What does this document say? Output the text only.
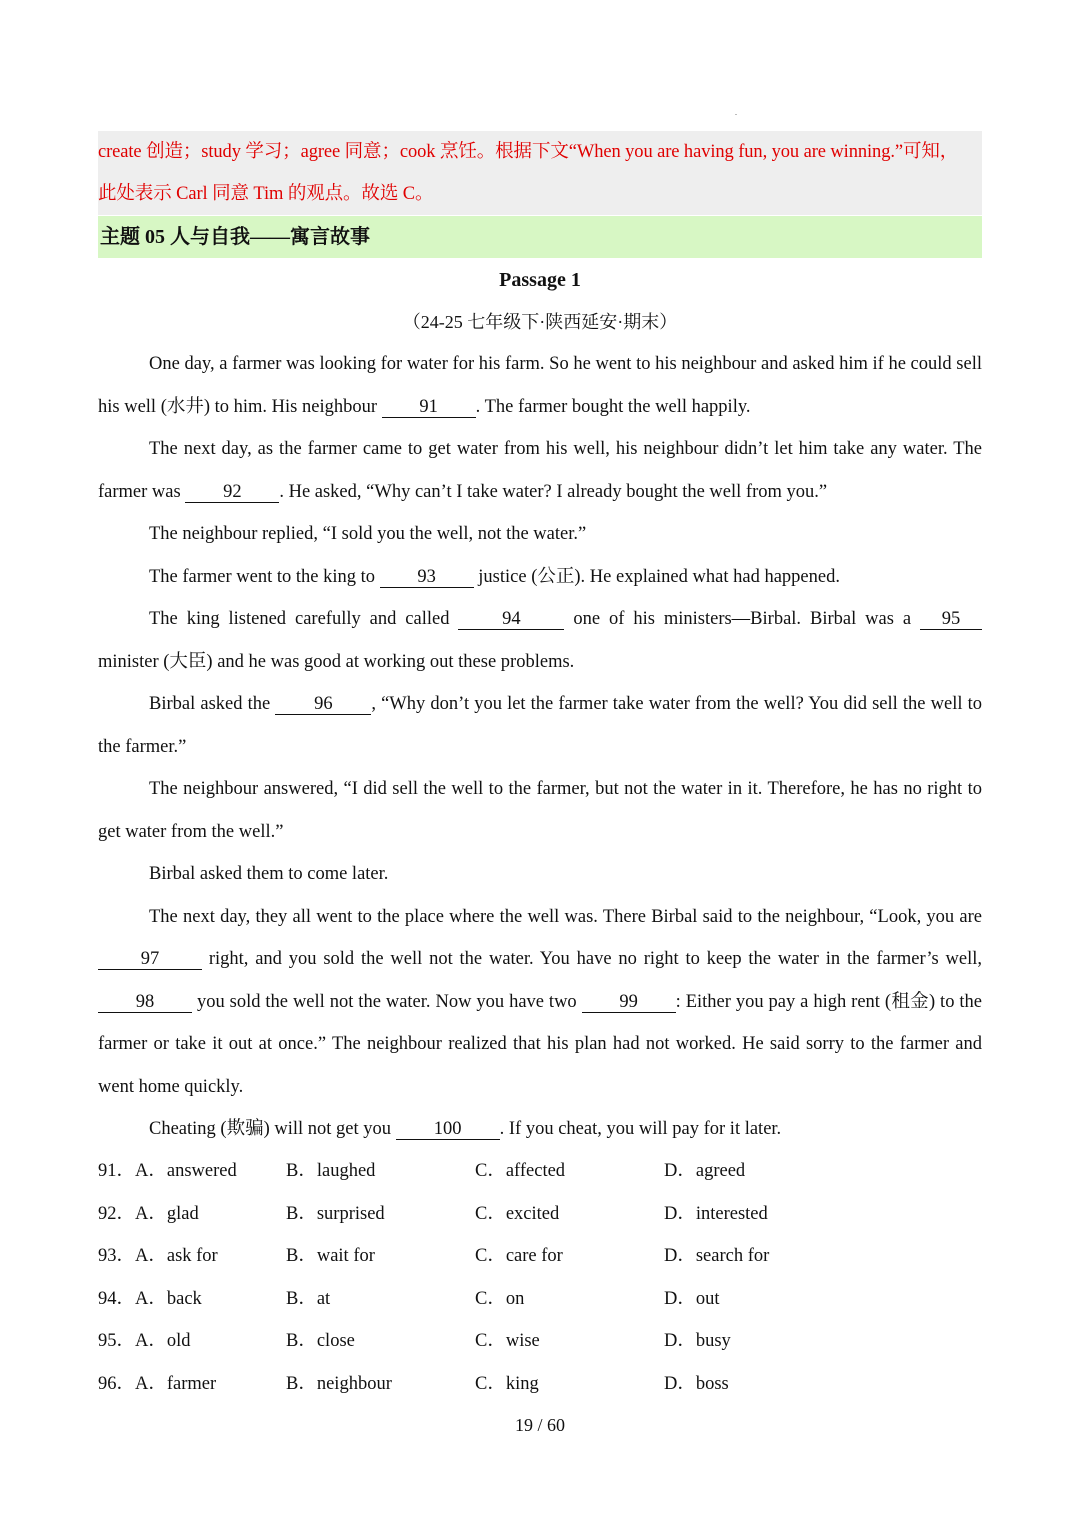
create 创造；study 学习；agree 同意；cook 烹饪。根据下文“When you are having fun, you are winning.”可知，

此处表示 Carl 同意 Tim 的观点。故选 C。

主题 05 人与自我——寓言故事
Passage 1
（24-25 七年级下·陕西延安·期末）

One day, a farmer was looking for water for his farm. So he went to his neighbour and asked him if he could sell his well (水井) to him. His neighbour 91 . The farmer bought the well happily.

The next day, as the farmer came to get water from his well, his neighbour didn’t let him take any water. The farmer was 92 . He asked, “Why can’t I take water? I already bought the well from you.”

The neighbour replied, “I sold you the well, not the water.”

The farmer went to the king to 93 justice (公正). He explained what had happened.

The king listened carefully and called 94 one of his ministers—Birbal. Birbal was a 95 minister (大臣) and he was good at working out these problems.

Birbal asked the 96 , “Why don’t you let the farmer take water from the well? You did sell the well to the farmer.”

The neighbour answered, “I did sell the well to the farmer, but not the water in it. Therefore, he has no right to get water from the well.”

Birbal asked them to come later.

The next day, they all went to the place where the well was. There Birbal said to the neighbour, “Look, you are 97 right, and you sold the well not the water. You have no right to keep the water in the farmer’s well, 98 you sold the well not the water. Now you have two 99 : Either you pay a high rent (租金) to the farmer or take it out at once.” The neighbour realized that his plan had not worked. He said sorry to the farmer and went home quickly.

Cheating (欺骗) will not get you 100 . If you cheat, you will pay for it later.

91．A．answered	B．laughed	C．affected	D．agreed
92．A．glad	B．surprised	C．excited	D．interested
93．A．ask for	B．wait for	C．care for	D．search for
94．A．back	B．at	C．on	D．out
95．A．old	B．close	C．wise	D．busy
96．A．farmer	B．neighbour	C．king	D．boss
19 / 60
